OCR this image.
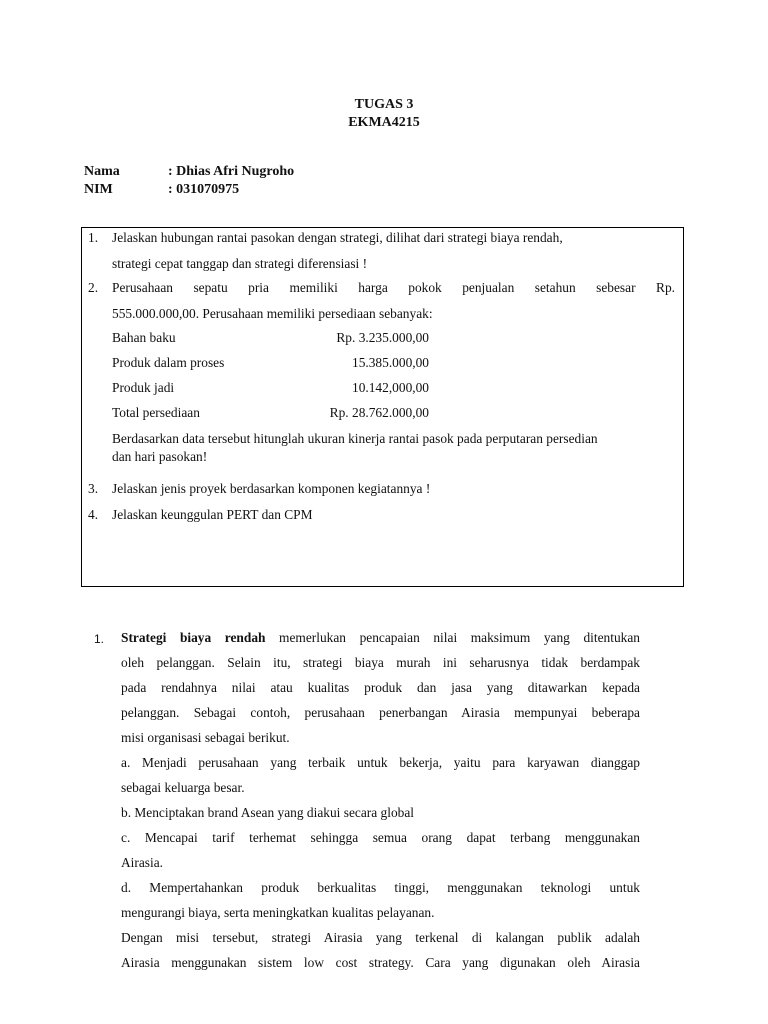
TUGAS 3
EKMA4215
Nama	: Dhias Afri Nugroho
NIM	: 031070975
1. Jelaskan hubungan rantai pasokan dengan strategi, dilihat dari strategi biaya rendah,
strategi cepat tanggap dan strategi diferensiasi !
2. Perusahaan sepatu pria memiliki harga pokok penjualan setahun sebesar Rp.
555.000.000,00. Perusahaan memiliki persediaan sebanyak:
Bahan baku	Rp. 3.235.000,00
Produk dalam proses	15.385.000,00
Produk jadi	10.142,000,00
Total persediaan	Rp. 28.762.000,00
Berdasarkan data tersebut hitunglah ukuran kinerja rantai pasok pada perputaran persedian
dan hari pasokan!
3. Jelaskan jenis proyek berdasarkan komponen kegiatannya !
4. Jelaskan keunggulan PERT dan CPM
1. Strategi biaya rendah memerlukan pencapaian nilai maksimum yang ditentukan
oleh pelanggan. Selain itu, strategi biaya murah ini seharusnya tidak berdampak
pada rendahnya nilai atau kualitas produk dan jasa yang ditawarkan kepada
pelanggan. Sebagai contoh, perusahaan penerbangan Airasia mempunyai beberapa
misi organisasi sebagai berikut.
a. Menjadi perusahaan yang terbaik untuk bekerja, yaitu para karyawan dianggap
sebagai keluarga besar.
b. Menciptakan brand Asean yang diakui secara global
c. Mencapai tarif terhemat sehingga semua orang dapat terbang menggunakan
Airasia.
d. Mempertahankan produk berkualitas tinggi, menggunakan teknologi untuk
mengurangi biaya, serta meningkatkan kualitas pelayanan.
Dengan misi tersebut, strategi Airasia yang terkenal di kalangan publik adalah
Airasia menggunakan sistem low cost strategy. Cara yang digunakan oleh Airasia
